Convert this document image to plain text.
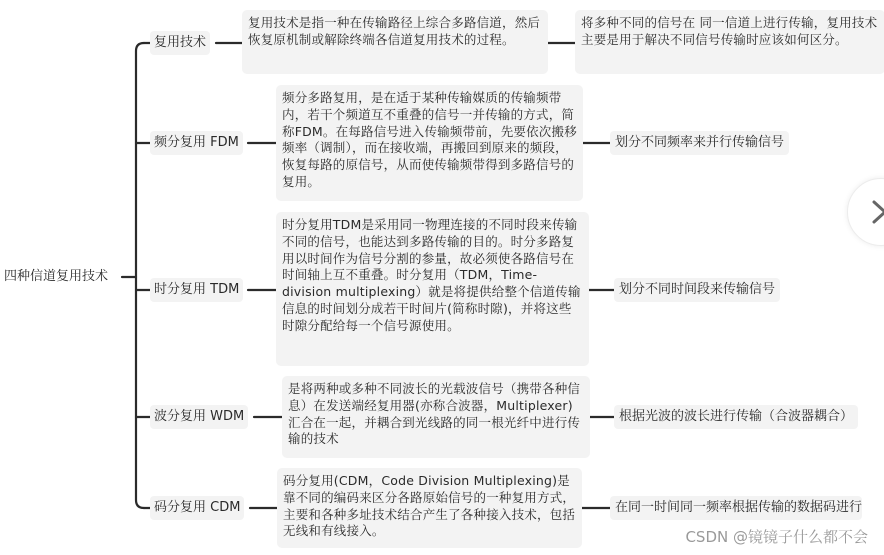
四种信道复用技术
复用技术
复用技术是指一种在传输路径上综合多路信道，然后恢复原机制或解除终端各信道复用技术的过程。
将多种不同的信号在 同一信道上进行传输，复用技术主要是用于解决不同信号传输时应该如何区分。
频分复用 FDM
频分多路复用，是在适于某种传输媒质的传输频带内，若干个频道互不重叠的信号一并传输的方式，简称FDM。在每路信号进入传输频带前，先要依次搬移频率（调制），而在接收端，再搬回到原来的频段，恢复每路的原信号，从而使传输频带得到多路信号的复用。
划分不同频率来并行传输信号
时分复用 TDM
时分复用TDM是采用同一物理连接的不同时段来传输不同的信号，也能达到多路传输的目的。时分多路复用以时间作为信号分割的参量，故必须使各路信号在时间轴上互不重叠。时分复用（TDM，Time-division multiplexing）就是将提供给整个信道传输信息的时间划分成若干时间片(简称时隙)，并将这些时隙分配给每一个信号源使用。
划分不同时间段来传输信号
波分复用 WDM
是将两种或多种不同波长的光载波信号（携带各种信息）在发送端经复用器(亦称合波器，Multiplexer)汇合在一起，并耦合到光线路的同一根光纤中进行传输的技术
根据光波的波长进行传输（合波器耦合）
码分复用 CDM
码分复用(CDM，Code Division Multiplexing)是靠不同的编码来区分各路原始信号的一种复用方式，主要和各种多址技术结合产生了各种接入技术，包括无线和有线接入。
在同一时间同一频率根据传输的数据码进行
CSDN @镜镜子什么都不会
